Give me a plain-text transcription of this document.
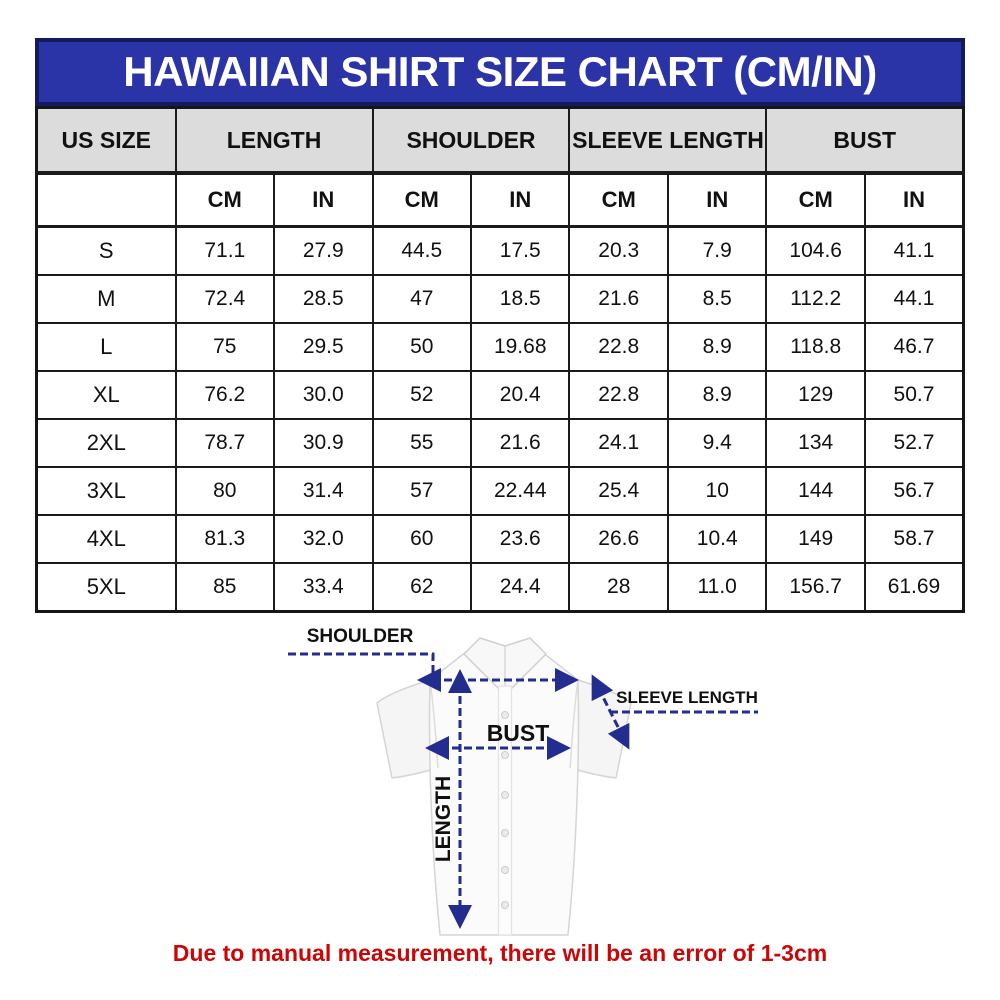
HAWAIIAN SHIRT SIZE CHART (CM/IN)
US SIZE	LENGTH		SHOULDER		SLEEVE LENGTH		BUST	
	CM	IN	CM	IN	CM	IN	CM	IN
S	71.1	27.9	44.5	17.5	20.3	7.9	104.6	41.1
M	72.4	28.5	47	18.5	21.6	8.5	112.2	44.1
L	75	29.5	50	19.68	22.8	8.9	118.8	46.7
XL	76.2	30.0	52	20.4	22.8	8.9	129	50.7
2XL	78.7	30.9	55	21.6	24.1	9.4	134	52.7
3XL	80	31.4	57	22.44	25.4	10	144	56.7
4XL	81.3	32.0	60	23.6	26.6	10.4	149	58.7
5XL	85	33.4	62	24.4	28	11.0	156.7	61.69
SHOULDER
SLEEVE LENGTH
BUST
LENGTH
Due to manual measurement, there will be an error of 1-3cm
